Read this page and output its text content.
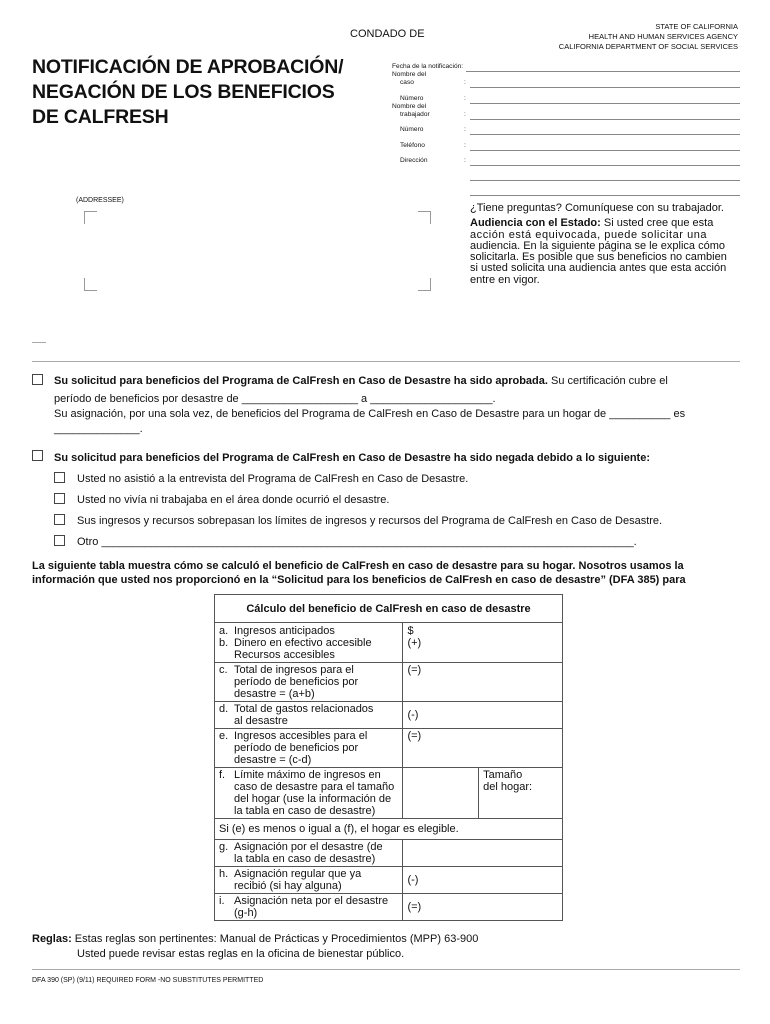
CONDADO DE
STATE OF CALIFORNIA
HEALTH AND HUMAN SERVICES AGENCY
CALIFORNIA DEPARTMENT OF SOCIAL SERVICES
NOTIFICACIÓN DE APROBACIÓN/
NEGACIÓN DE LOS BENEFICIOS
DE CALFRESH
Fecha de la notificación:
Nombre del
caso	:
Número	:
Nombre del
trabajador	:
Número	:
Teléfono	:
Dirección	:
(ADDRESSEE)
¿Tiene preguntas? Comuníquese con su trabajador.
Audiencia con el Estado: Si usted cree que esta
acción está equivocada, puede solicitar una
audiencia. En la siguiente página se le explica cómo
solicitarla. Es posible que sus beneficios no cambien
si usted solicita una audiencia antes que esta acción
entre en vigor.
Su solicitud para beneficios del Programa de CalFresh en Caso de Desastre ha sido aprobada. Su certificación cubre el
período de beneficios por desastre de ___________________ a ____________________.
Su asignación, por una sola vez, de beneficios del Programa de CalFresh en Caso de Desastre para un hogar de __________ es
______________.
Su solicitud para beneficios del Programa de CalFresh en Caso de Desastre ha sido negada debido a lo siguiente:
Usted no asistió a la entrevista del Programa de CalFresh en Caso de Desastre.
Usted no vivía ni trabajaba en el área donde ocurrió el desastre.
Sus ingresos y recursos sobrepasan los límites de ingresos y recursos del Programa de CalFresh en Caso de Desastre.
Otro _______________________________________________________________________________________.
La siguiente tabla muestra cómo se calculó el beneficio de CalFresh en caso de desastre para su hogar. Nosotros usamos la
información que usted nos proporcionó en la “Solicitud para los beneficios de CalFresh en caso de desastre” (DFA 385) para
Cálculo del beneficio de CalFresh en caso de desastre		
a. Ingresos anticipados
b. Dinero en efectivo accesible
Recursos accesibles	$
(+)	
c. Total de ingresos para el
período de beneficios por
desastre = (a+b)	(=)	
d. Total de gastos relacionados
al desastre	(-)	
e. Ingresos accesibles para el
período de beneficios por
desastre = (c-d)	(=)	
f. Límite máximo de ingresos en
caso de desastre para el tamaño
del hogar (use la información de
la tabla en caso de desastre)		Tamaño
del hogar:
Si (e) es menos o igual a (f), el hogar es elegible.		
g. Asignación por el desastre (de
la tabla en caso de desastre)		
h. Asignación regular que ya
recibió (si hay alguna)	(-)	
i. Asignación neta por el desastre
(g-h)	(=)	
Reglas: Estas reglas son pertinentes: Manual de Prácticas y Procedimientos (MPP) 63-900
Usted puede revisar estas reglas en la oficina de bienestar público.
DFA 390 (SP) (9/11) REQUIRED FORM -NO SUBSTITUTES PERMITTED
